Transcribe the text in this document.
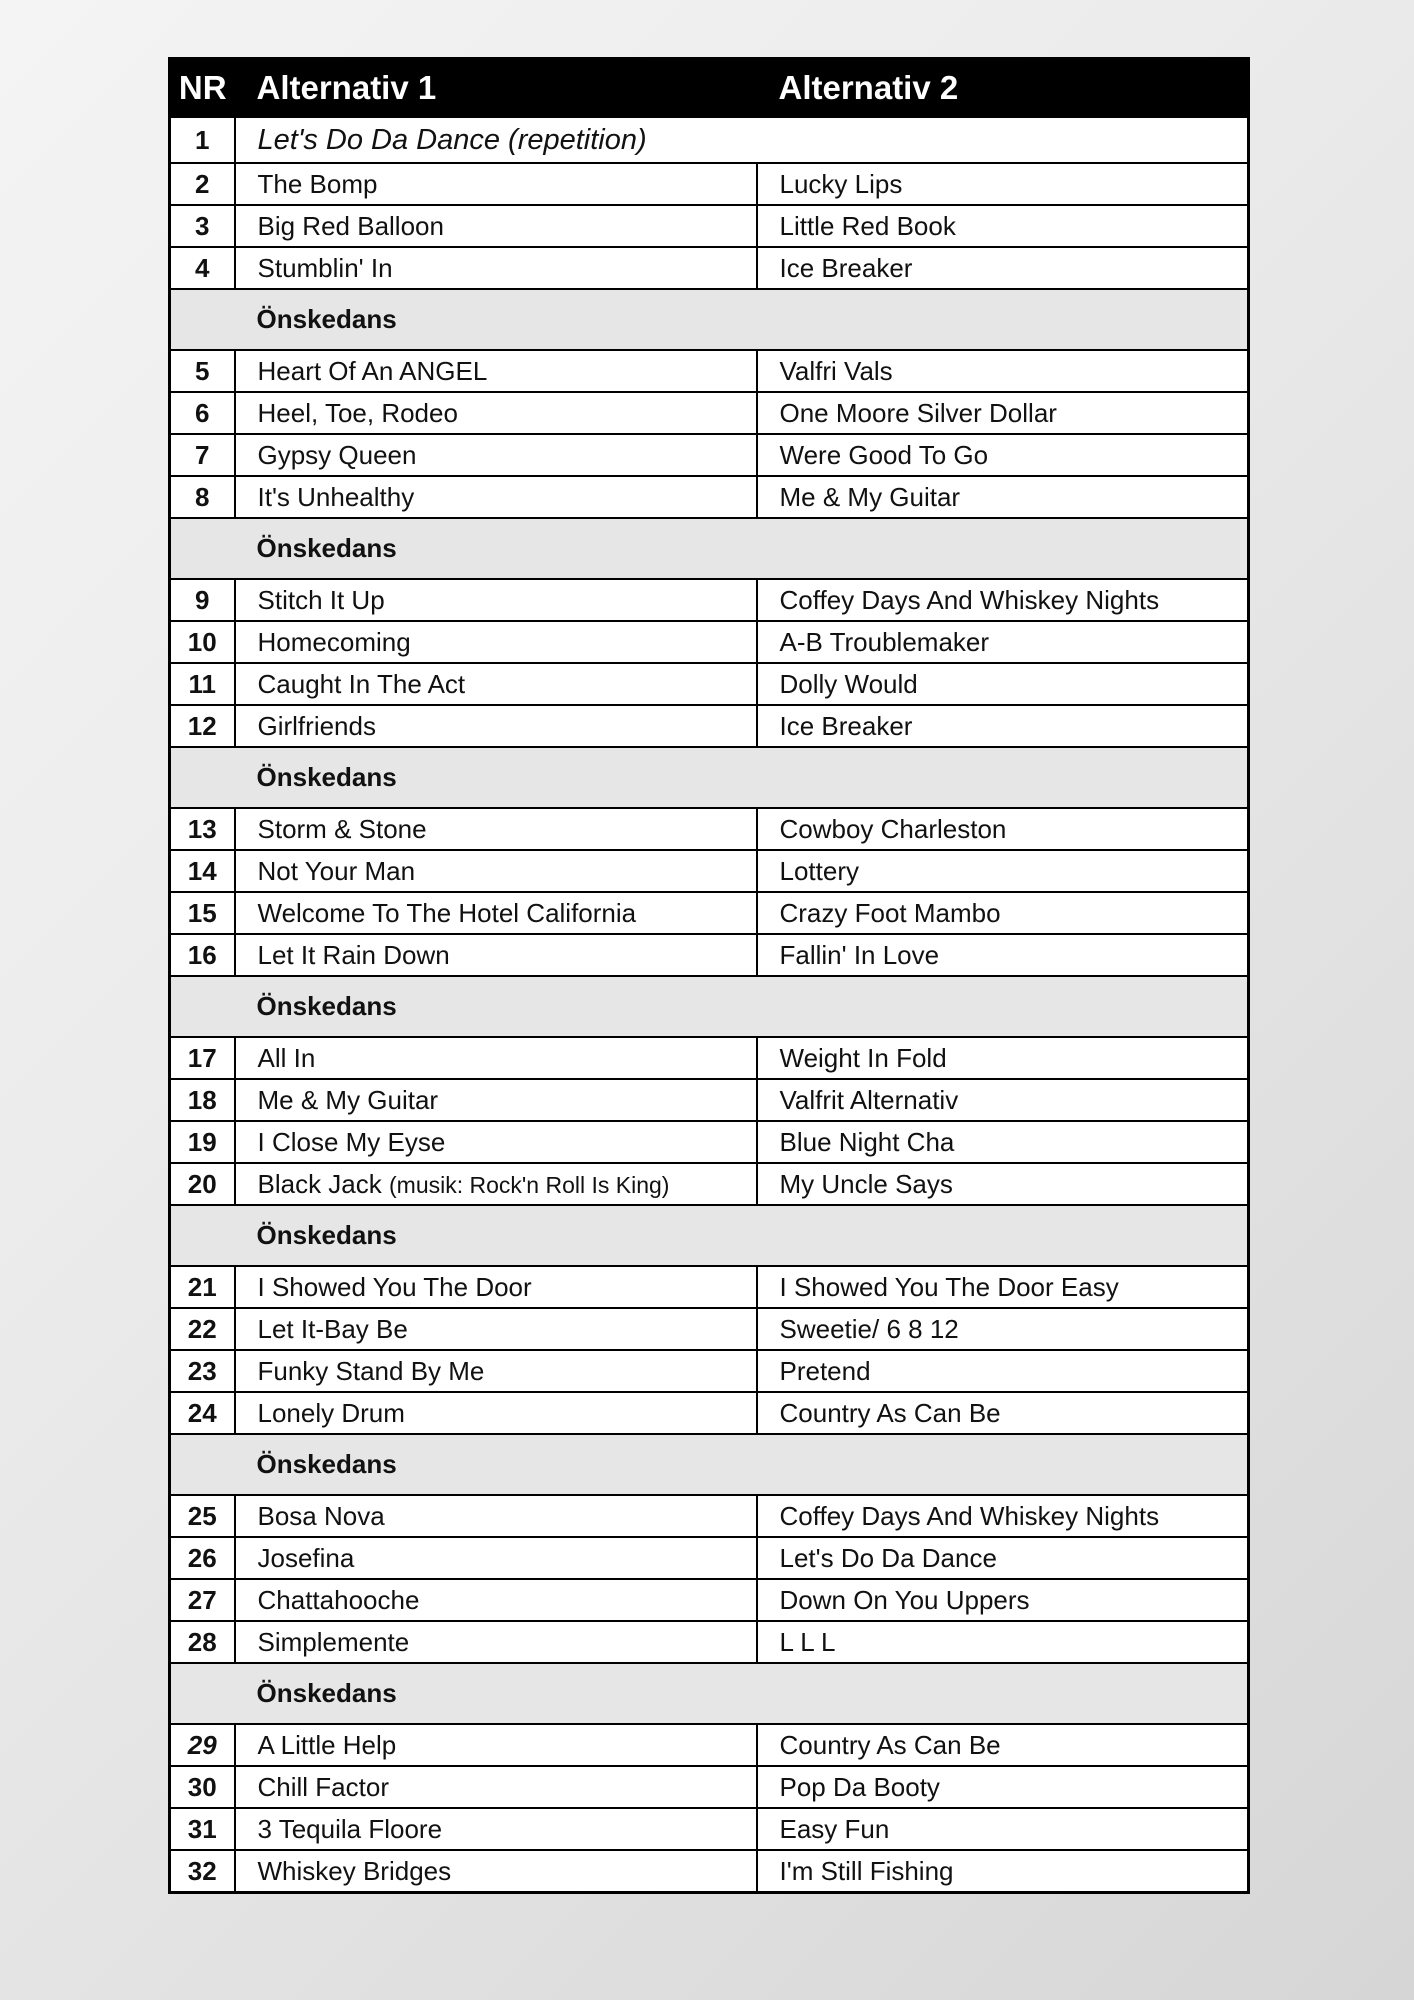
NR	Alternativ 1	Alternativ 2
1	Let's Do Da Dance (repetition)	
2	The Bomp	Lucky Lips
3	Big Red Balloon	Little Red Book
4	Stumblin' In	Ice Breaker
	Önskedans	
5	Heart Of An ANGEL	Valfri Vals
6	Heel, Toe, Rodeo	One Moore Silver Dollar
7	Gypsy Queen	Were Good To Go
8	It's Unhealthy	Me & My Guitar
	Önskedans	
9	Stitch It Up	Coffey Days And Whiskey Nights
10	Homecoming	A-B Troublemaker
11	Caught In The Act	Dolly Would
12	Girlfriends	Ice Breaker
	Önskedans	
13	Storm & Stone	Cowboy Charleston
14	Not Your Man	Lottery
15	Welcome To The Hotel California	Crazy Foot Mambo
16	Let It Rain Down	Fallin' In Love
	Önskedans	
17	All In	Weight In Fold
18	Me & My Guitar	Valfrit Alternativ
19	I Close My Eyse	Blue Night Cha
20	Black Jack (musik: Rock'n Roll Is King)	My Uncle Says
	Önskedans	
21	I Showed You The Door	I Showed You The Door Easy
22	Let It-Bay Be	Sweetie/ 6 8 12
23	Funky Stand By Me	Pretend
24	Lonely Drum	Country As Can Be
	Önskedans	
25	Bosa Nova	Coffey Days And Whiskey Nights
26	Josefina	Let's Do Da Dance
27	Chattahooche	Down On You Uppers
28	Simplemente	L L L
	Önskedans	
29	A Little Help	Country As Can Be
30	Chill Factor	Pop Da Booty
31	3 Tequila Floore	Easy Fun
32	Whiskey Bridges	I'm Still Fishing
